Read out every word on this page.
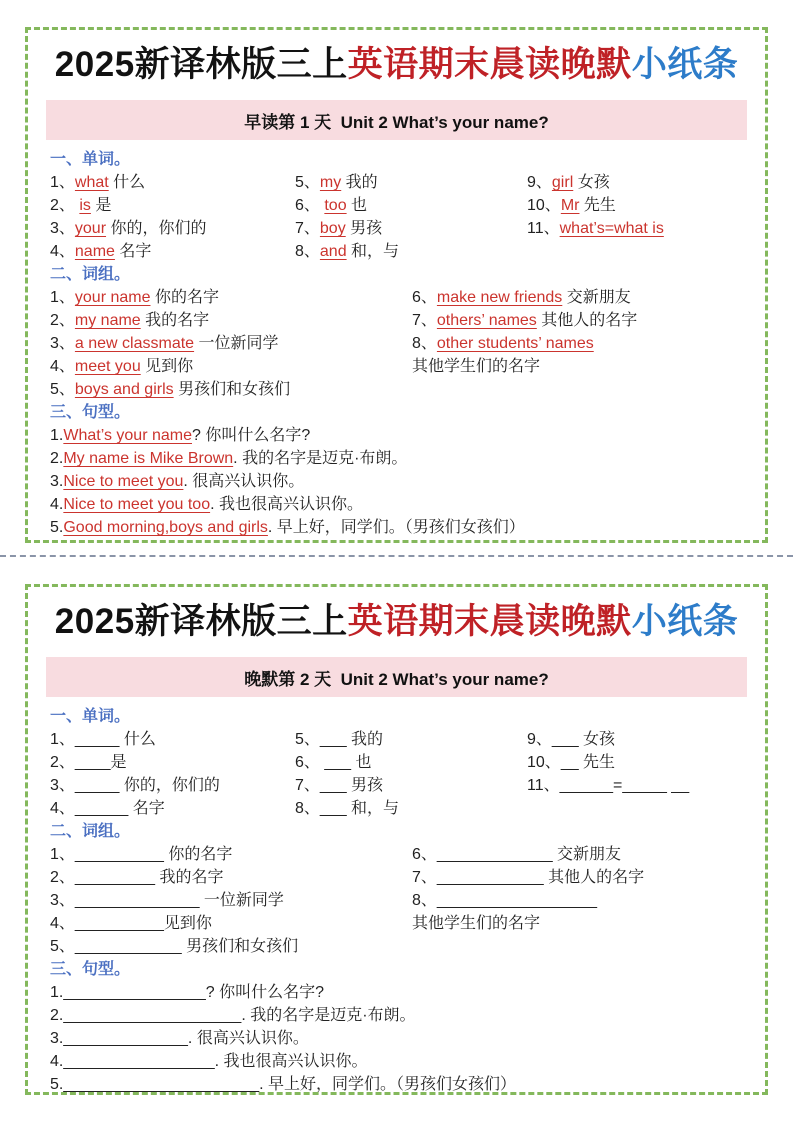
2025新译林版三上英语期末晨读晚默小纸条
早读第 1 天  Unit 2 What’s your name?
一、单词。
1、what 什么
2、 is 是
3、your 你的，你们的
4、name 名字
5、my 我的
6、 too 也
7、boy 男孩
8、and 和，与
9、girl 女孩
10、Mr 先生
11、what’s=what is
二、词组。
1、your name 你的名字
2、my name 我的名字
3、a new classmate 一位新同学
4、meet you 见到你
5、boys and girls 男孩们和女孩们
6、make new friends 交新朋友
7、others’ names 其他人的名字
8、other students’ names
其他学生们的名字
三、句型。
1.What’s your name? 你叫什么名字?
2.My name is Mike Brown. 我的名字是迈克·布朗。
3.Nice to meet you. 很高兴认识你。
4.Nice to meet you too. 我也很高兴认识你。
5.Good morning,boys and girls. 早上好，同学们。（男孩们女孩们）
2025新译林版三上英语期末晨读晚默小纸条
晚默第 2 天  Unit 2 What’s your name?
一、单词。
1、_____ 什么
2、____是
3、_____ 你的，你们的
4、______ 名字
5、___ 我的
6、 ___ 也
7、___ 男孩
8、___ 和，与
9、___ 女孩
10、__ 先生
11、______=_____ __
二、词组。
1、__________ 你的名字
2、_________ 我的名字
3、______________ 一位新同学
4、__________见到你
5、____________ 男孩们和女孩们
6、_____________ 交新朋友
7、____________ 其他人的名字
8、__________________
其他学生们的名字
三、句型。
1.________________? 你叫什么名字?
2.____________________. 我的名字是迈克·布朗。
3.______________. 很高兴认识你。
4._________________. 我也很高兴认识你。
5.______________________. 早上好，同学们。（男孩们女孩们）
